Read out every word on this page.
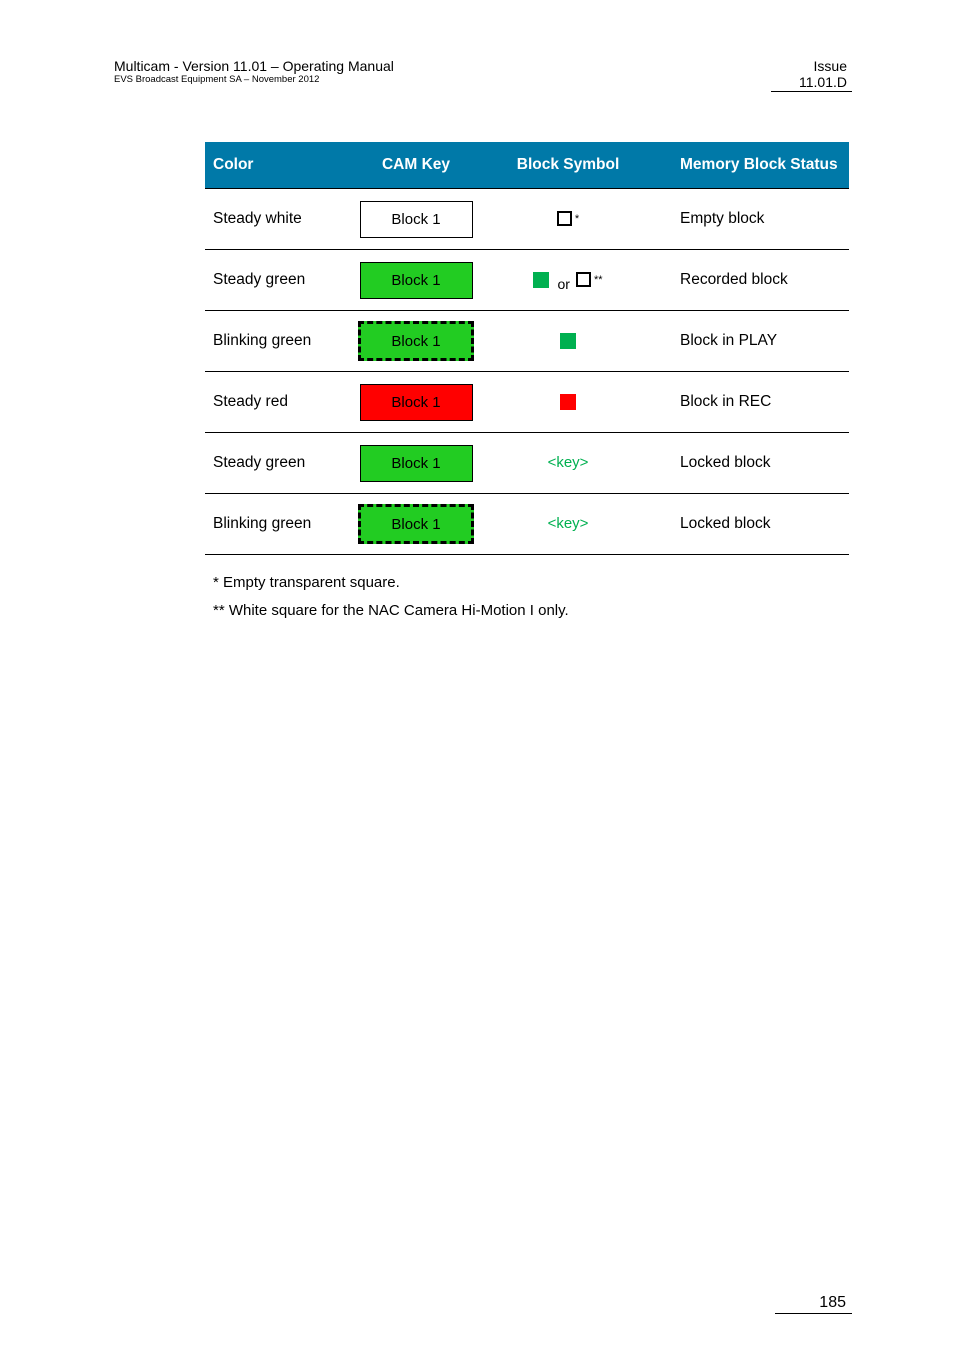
Multicam - Version 11.01 – Operating Manual
EVS Broadcast Equipment SA – November 2012
Issue
11.01.D
Color	CAM Key	Block Symbol	Memory Block Status
Steady white	Block 1	*	Empty block
Steady green	Block 1	or **	Recorded block
Blinking green	Block 1		Block in PLAY
Steady red	Block 1		Block in REC
Steady green	Block 1	<key>	Locked block
Blinking green	Block 1	<key>	Locked block
* Empty transparent square.
** White square for the NAC Camera Hi-Motion I only.
185
